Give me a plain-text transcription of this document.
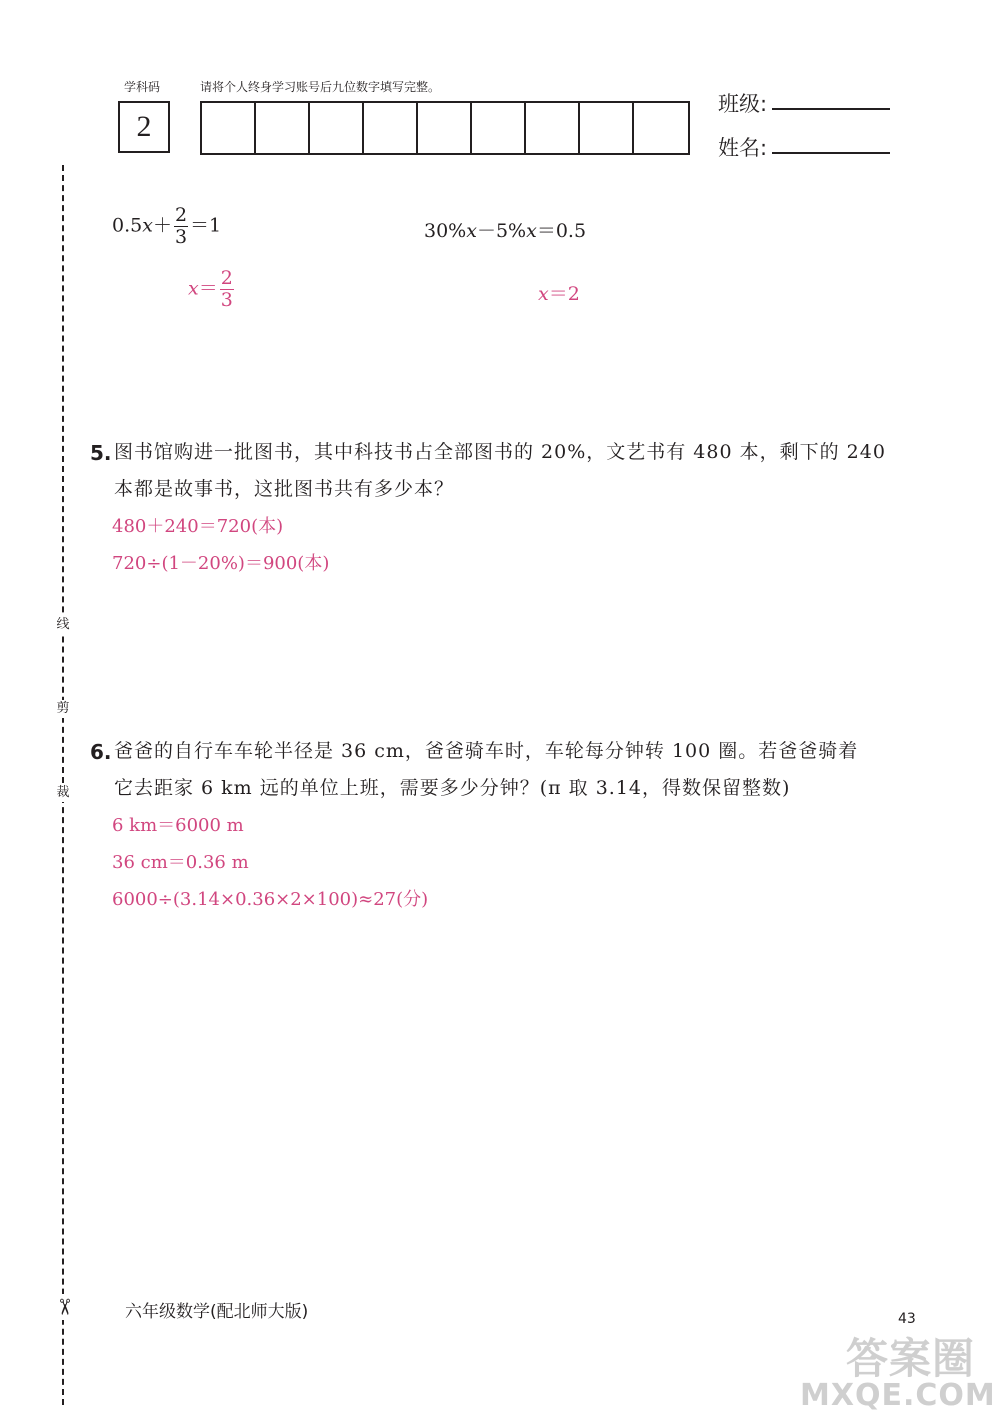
线
剪
裁
✂
学科码	请将个人终身学习账号后九位数字填写完整。
2
班级:
姓名:
$0.5x+ \frac{2}{3} =1$
$x= \frac{2}{3}$
30%x－5%x＝0.5
x＝2
5. 图书馆购进一批图书，其中科技书占全部图书的 20%，文艺书有 480 本，剩下的 240
本都是故事书，这批图书共有多少本？
480＋240＝720(本)
720÷(1－20%)＝900(本)
6. 爸爸的自行车车轮半径是 36 cm，爸爸骑车时，车轮每分钟转 100 圈。若爸爸骑着
它去距家 6 km 远的单位上班，需要多少分钟？(π 取 3.14，得数保留整数)
6 km＝6000 m
36 cm＝0.36 m
6000÷(3.14×0.36×2×100)≈27(分)
六年级数学(配北师大版)	43
答案圈
MXQE.COM
